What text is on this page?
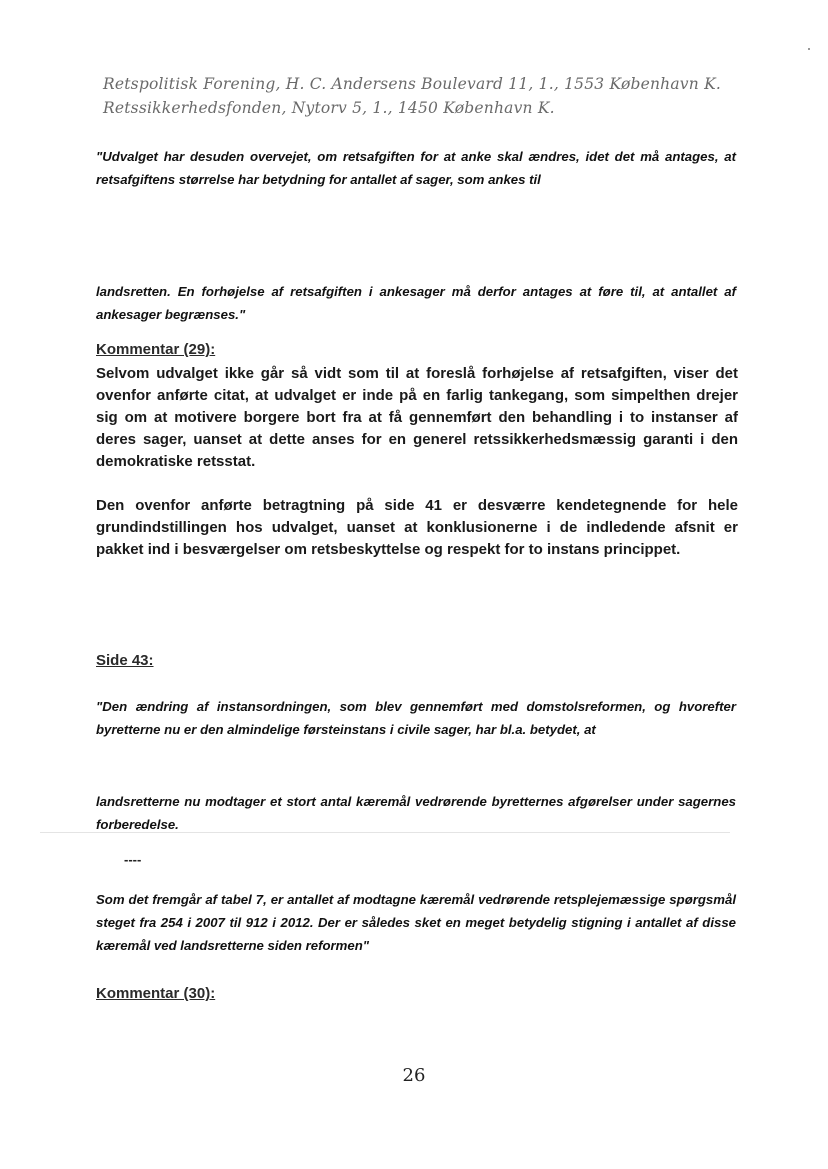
Retspolitisk Forening, H. C. Andersens Boulevard 11, 1., 1553 København K.
Retssikkerhedsfonden, Nytorv 5, 1., 1450 København K.
"Udvalget har desuden overvejet, om retsafgiften for at anke skal ændres, idet det må antages, at retsafgiftens størrelse har betydning for antallet af sager, som ankes til
landsretten. En forhøjelse af retsafgiften i ankesager må derfor antages at føre til, at antallet af ankesager begrænses."
Kommentar (29):
Selvom udvalget ikke går så vidt som til at foreslå forhøjelse af retsafgiften, viser det ovenfor anførte citat, at udvalget er inde på en farlig tankegang, som simpelthen drejer sig om at motivere borgere bort fra at få gennemført den behandling i to instanser af deres sager, uanset at dette anses for en generel retssikkerhedsmæssig garanti i den demokratiske retsstat.
Den ovenfor anførte betragtning på side 41 er desværre kendetegnende for hele grundindstillingen hos udvalget, uanset at konklusionerne i de indledende afsnit er pakket ind i besværgelser om retsbeskyttelse og respekt for to instans princippet.
Side 43:
"Den ændring af instansordningen, som blev gennemført med domstolsreformen, og hvorefter byretterne nu er den almindelige førsteinstans i civile sager, har bl.a. betydet, at
landsretterne nu modtager et stort antal kæremål vedrørende byretternes afgørelser under sagernes forberedelse.
----
Som det fremgår af tabel 7, er antallet af modtagne kæremål vedrørende retsplejemæssige spørgsmål steget fra 254 i 2007 til 912 i 2012. Der er således sket en meget betydelig stigning i antallet af disse kæremål ved landsretterne siden reformen"
Kommentar (30):
26
